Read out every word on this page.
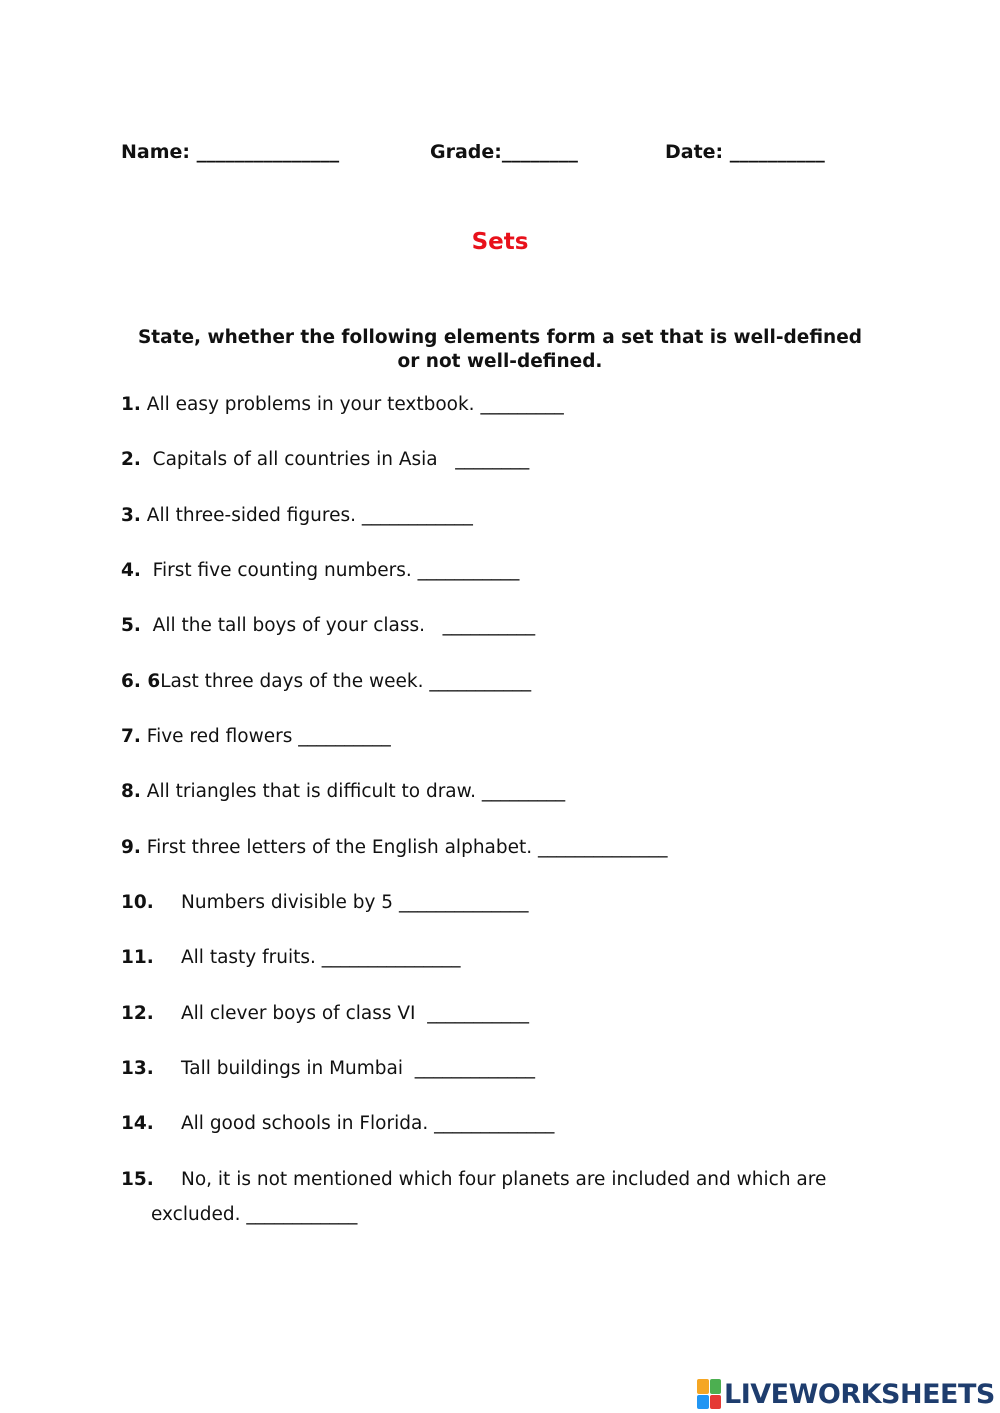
Name: _______________	Grade:________	Date: __________
Sets
State, whether the following elements form a set that is well-defined
or not well-defined.
1. All easy problems in your textbook. _________
2.  Capitals of all countries in Asia   ________
3. All three-sided figures. ____________
4.  First five counting numbers. ___________
5.  All the tall boys of your class.   __________
6. 6Last three days of the week. ___________
7. Five red flowers __________
8. All triangles that is difficult to draw. _________
9. First three letters of the English alphabet. ______________
10. Numbers divisible by 5 ______________
11. All tasty fruits. _______________
12. All clever boys of class VI  ___________
13. Tall buildings in Mumbai  _____________
14. All good schools in Florida. _____________
15. No, it is not mentioned which four planets are included and which are
excluded. ____________
LIVEWORKSHEETS
